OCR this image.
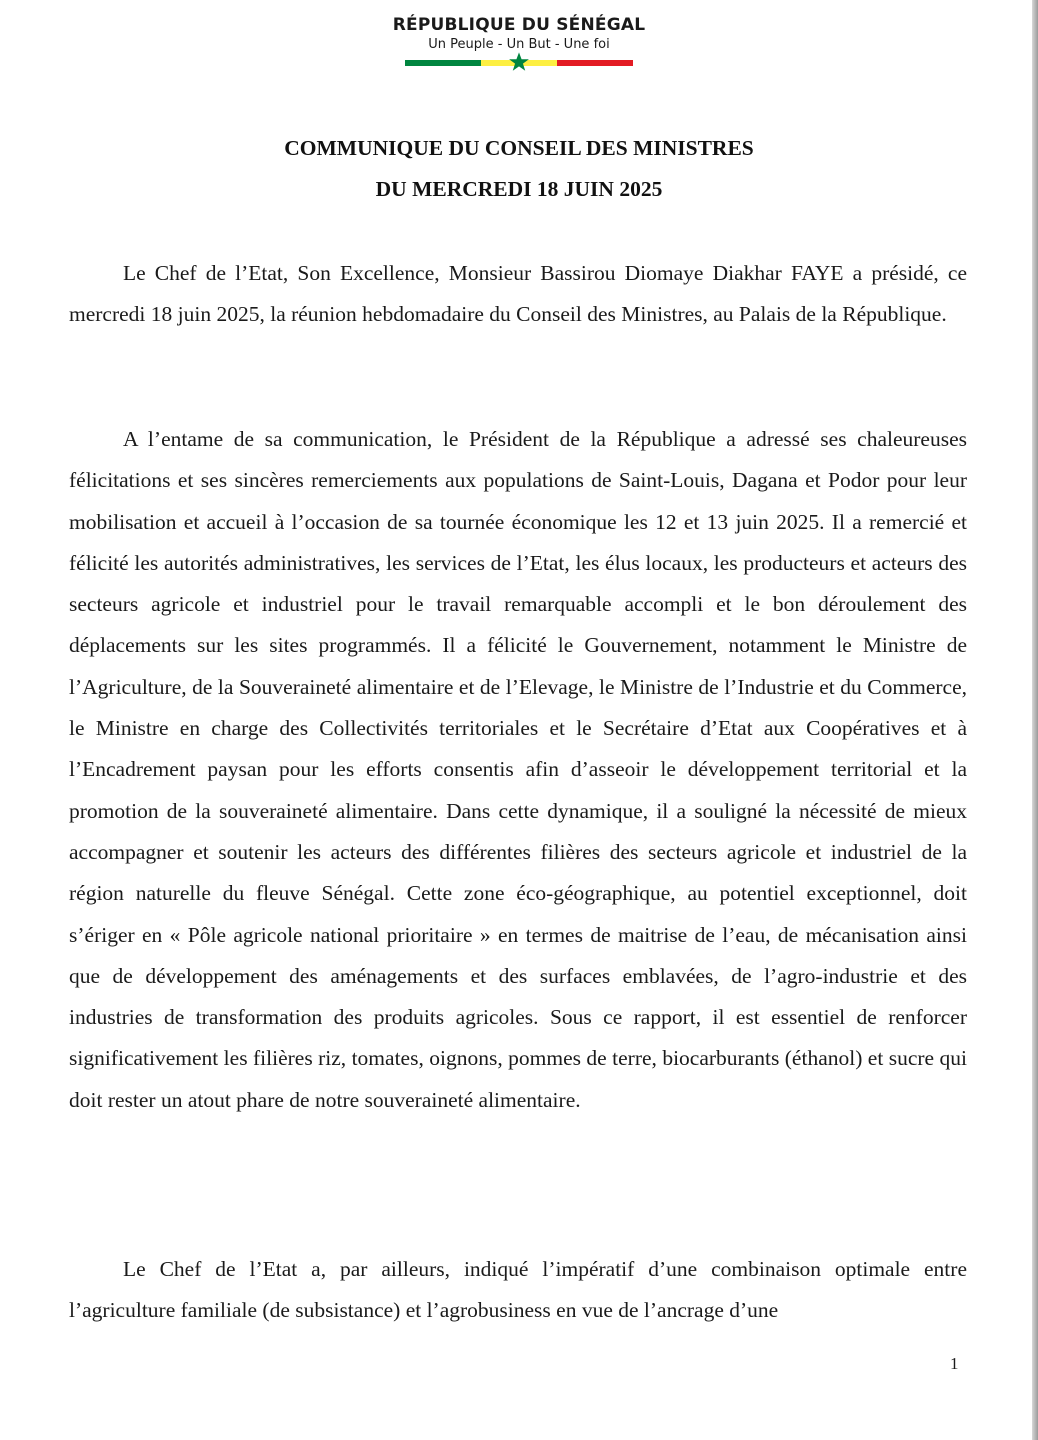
RÉPUBLIQUE DU SÉNÉGAL
Un Peuple - Un But - Une foi
COMMUNIQUE DU CONSEIL DES MINISTRES
DU MERCREDI 18 JUIN 2025

Le Chef de l’Etat, Son Excellence, Monsieur Bassirou Diomaye Diakhar FAYE a présidé, ce mercredi 18 juin 2025, la réunion hebdomadaire du Conseil des Ministres, au Palais de la République.

A l’entame de sa communication, le Président de la République a adressé ses chaleureuses félicitations et ses sincères remerciements aux populations de Saint-Louis, Dagana et Podor pour leur mobilisation et accueil à l’occasion de sa tournée économique les 12 et 13 juin 2025. Il a remercié et félicité les autorités administratives, les services de l’Etat, les élus locaux, les producteurs et acteurs des secteurs agricole et industriel pour le travail remarquable accompli et le bon déroulement des déplacements sur les sites programmés. Il a félicité le Gouvernement, notamment le Ministre de l’Agriculture, de la Souveraineté alimentaire et de l’Elevage, le Ministre de l’Industrie et du Commerce, le Ministre en charge des Collectivités territoriales et le Secrétaire d’Etat aux Coopératives et à l’Encadrement paysan pour les efforts consentis afin d’asseoir le développement territorial et la promotion de la souveraineté alimentaire. Dans cette dynamique, il a souligné la nécessité de mieux accompagner et soutenir les acteurs des différentes filières des secteurs agricole et industriel de la région naturelle du fleuve Sénégal. Cette zone éco-géographique, au potentiel exceptionnel, doit s’ériger en « Pôle agricole national prioritaire » en termes de maitrise de l’eau, de mécanisation ainsi que de développement des aménagements et des surfaces emblavées, de l’agro-industrie et des industries de transformation des produits agricoles. Sous ce rapport, il est essentiel de renforcer significativement les filières riz, tomates, oignons, pommes de terre, biocarburants (éthanol) et sucre qui doit rester un atout phare de notre souveraineté alimentaire.

Le Chef de l’Etat a, par ailleurs, indiqué l’impératif d’une combinaison optimale entre l’agriculture familiale (de subsistance) et l’agrobusiness en vue de l’ancrage d’une

1
